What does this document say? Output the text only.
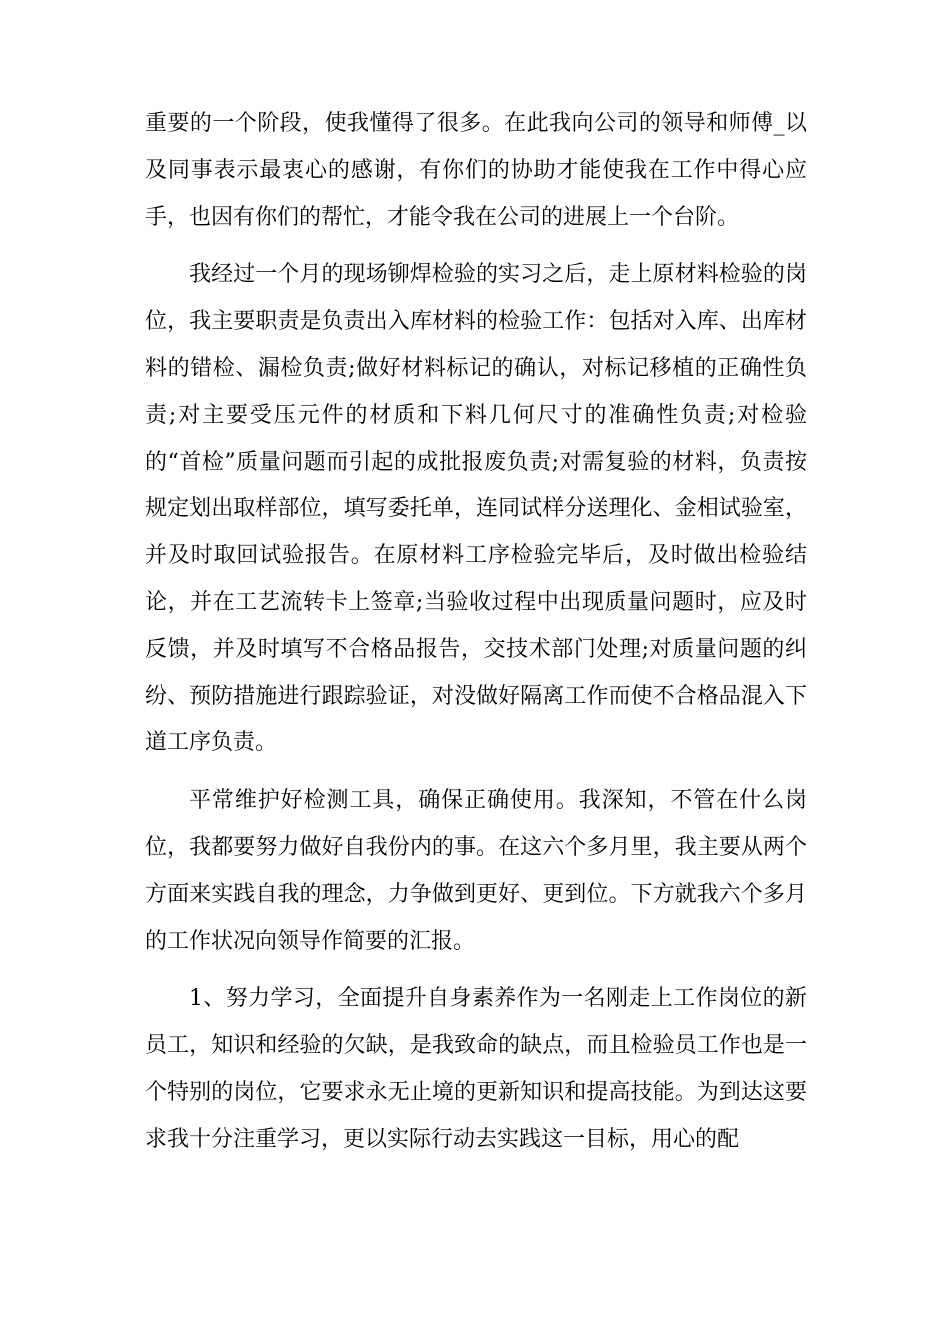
重要的一个阶段，使我懂得了很多。在此我向公司的领导和师傅_以及同事表示最衷心的感谢，有你们的协助才能使我在工作中得心应手，也因有你们的帮忙，才能令我在公司的进展上一个台阶。

我经过一个月的现场铆焊检验的实习之后，走上原材料检验的岗位，我主要职责是负责出入库材料的检验工作：包括对入库、出库材料的错检、漏检负责;做好材料标记的确认，对标记移植的正确性负责;对主要受压元件的材质和下料几何尺寸的准确性负责;对检验的“首检”质量问题而引起的成批报废负责;对需复验的材料，负责按规定划出取样部位，填写委托单，连同试样分送理化、金相试验室，并及时取回试验报告。在原材料工序检验完毕后，及时做出检验结论，并在工艺流转卡上签章;当验收过程中出现质量问题时，应及时反馈，并及时填写不合格品报告，交技术部门处理;对质量问题的纠纷、预防措施进行跟踪验证，对没做好隔离工作而使不合格品混入下道工序负责。

平常维护好检测工具，确保正确使用。我深知，不管在什么岗位，我都要努力做好自我份内的事。在这六个多月里，我主要从两个方面来实践自我的理念，力争做到更好、更到位。下方就我六个多月的工作状况向领导作简要的汇报。

1、努力学习，全面提升自身素养作为一名刚走上工作岗位的新员工，知识和经验的欠缺，是我致命的缺点，而且检验员工作也是一个特别的岗位，它要求永无止境的更新知识和提高技能。为到达这要求我十分注重学习，更以实际行动去实践这一目标，用心的配
